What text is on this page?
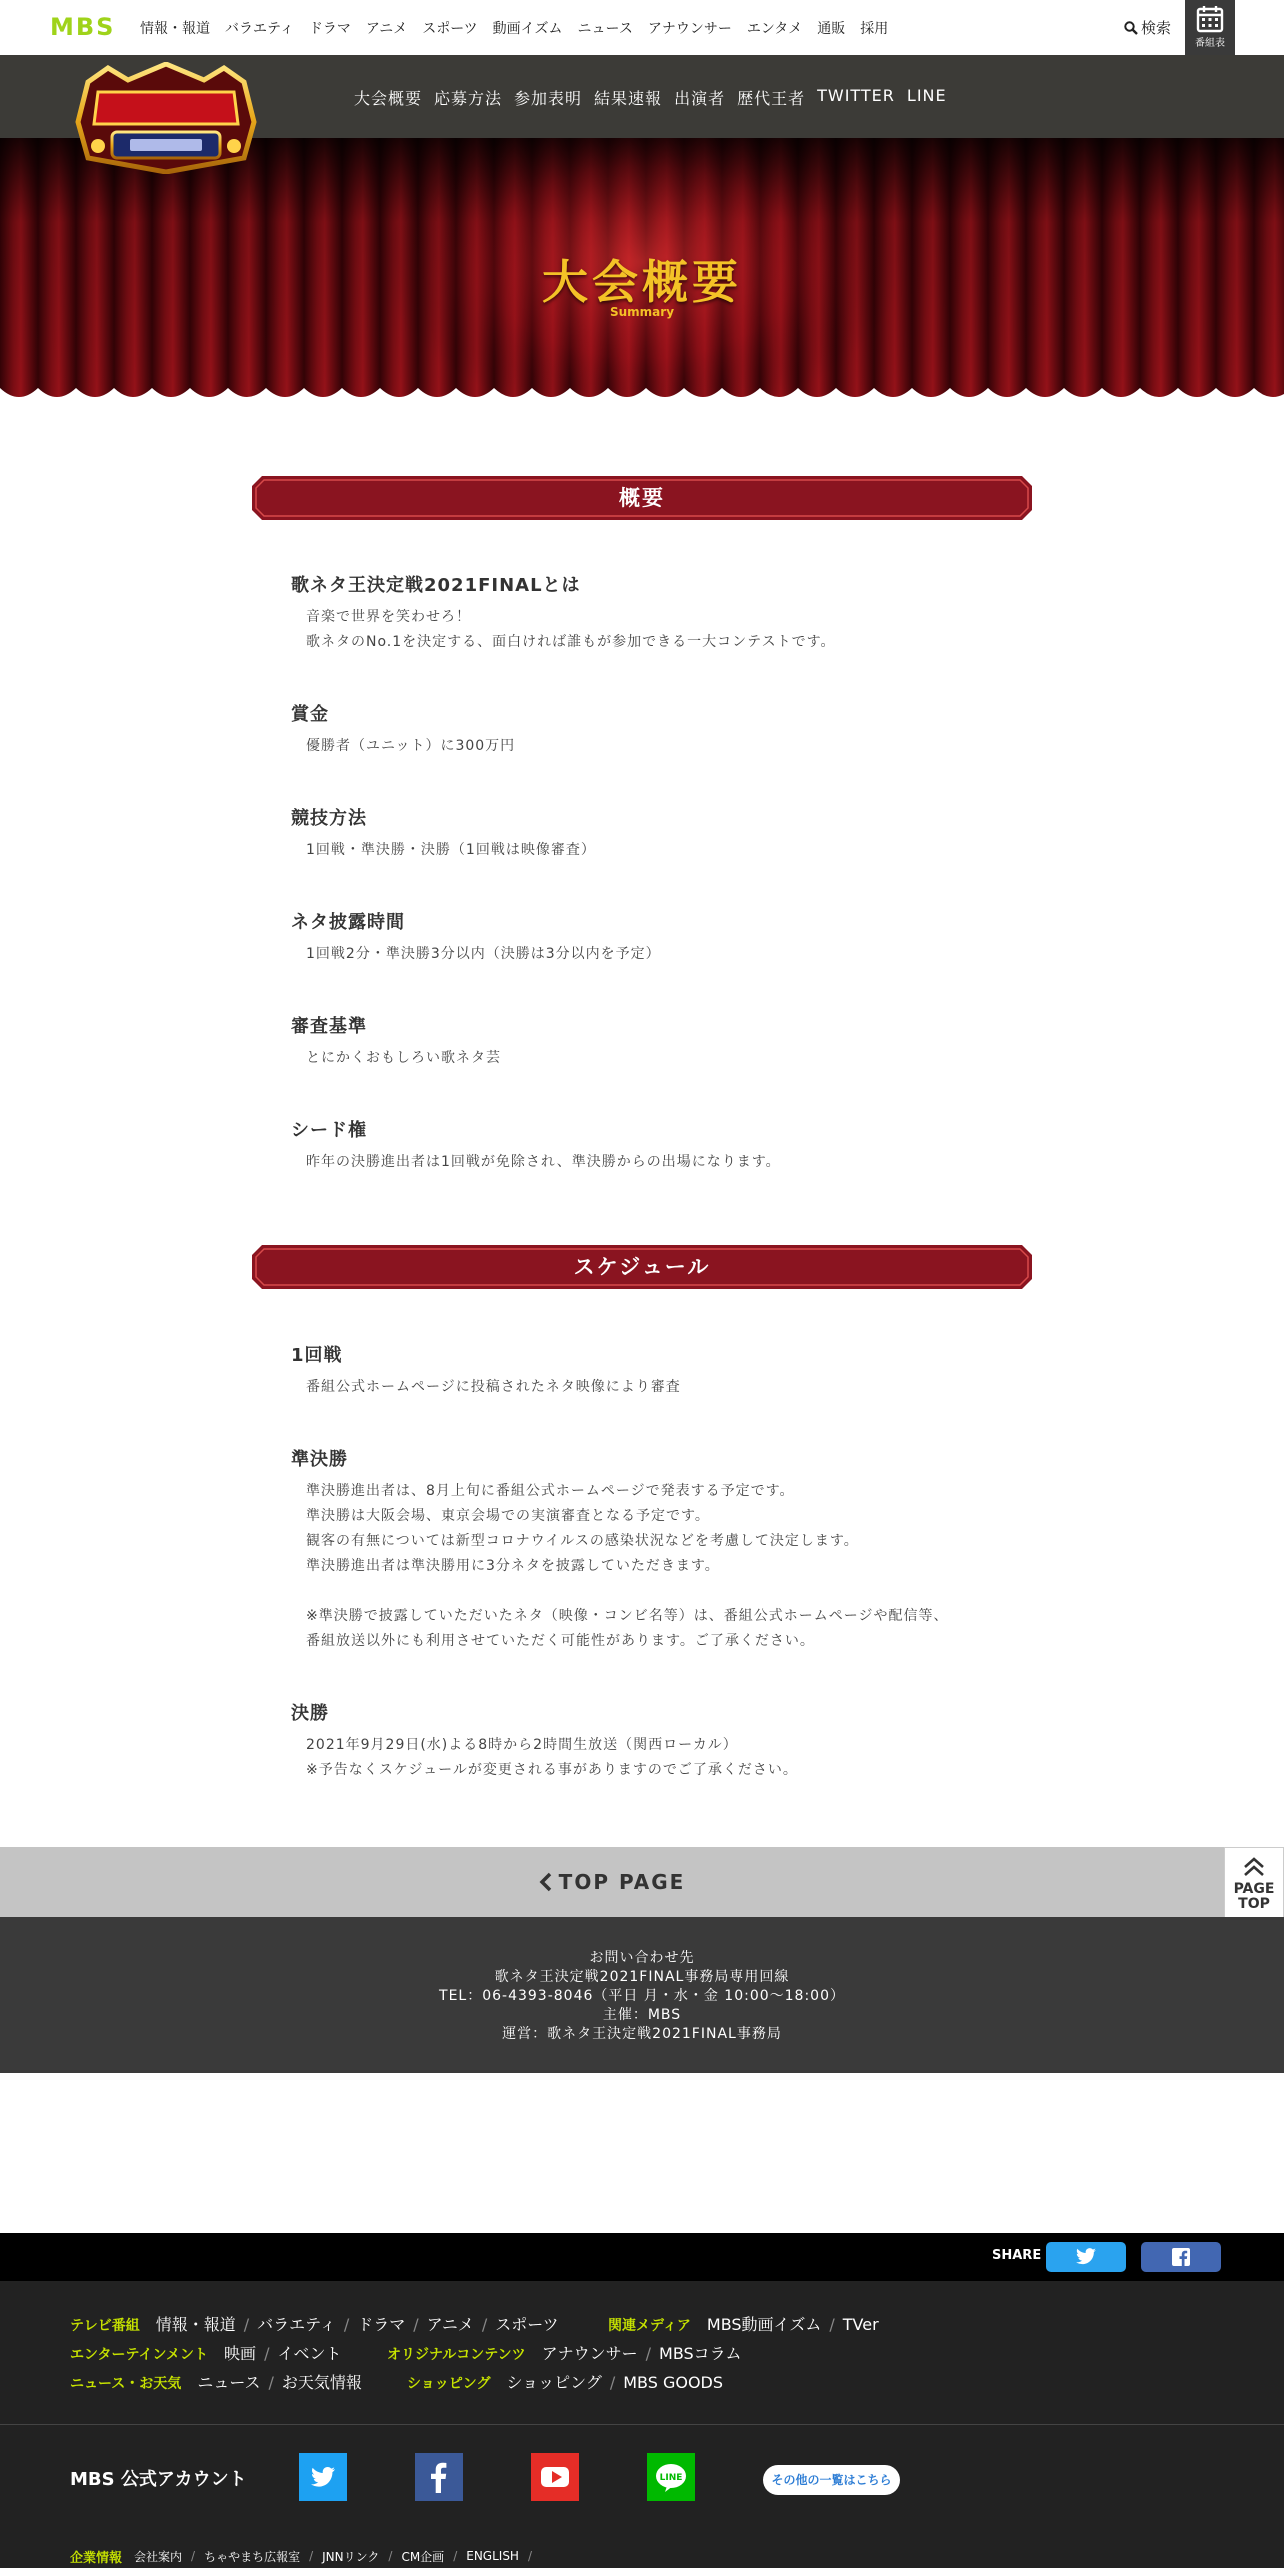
MBS 情報・報道 バラエティ ドラマ アニメ スポーツ 動画イズム ニュース アナウンサー エンタメ 通販 採用	検索
番組表
大会概要
Summary
大会概要 応募方法 参加表明 結果速報 出演者 歴代王者 TWITTER LINE
概要
歌ネタ王決定戦2021FINALとは
音楽で世界を笑わせろ！
歌ネタのNo.1を決定する、面白ければ誰もが参加できる一大コンテストです。
賞金
優勝者（ユニット）に300万円
競技方法
1回戦・準決勝・決勝（1回戦は映像審査）
ネタ披露時間
1回戦2分・準決勝3分以内（決勝は3分以内を予定）
審査基準
とにかくおもしろい歌ネタ芸
シード権
昨年の決勝進出者は1回戦が免除され、準決勝からの出場になります。
スケジュール
1回戦
番組公式ホームページに投稿されたネタ映像により審査
準決勝
準決勝進出者は、8月上旬に番組公式ホームページで発表する予定です。
準決勝は大阪会場、東京会場での実演審査となる予定です。
観客の有無については新型コロナウイルスの感染状況などを考慮して決定します。
準決勝進出者は準決勝用に3分ネタを披露していただきます。
※準決勝で披露していただいたネタ（映像・コンビ名等）は、番組公式ホームページや配信等、
番組放送以外にも利用させていただく可能性があります。ご了承ください。
決勝
2021年9月29日(水)よる8時から2時間生放送（関西ローカル）
※予告なくスケジュールが変更される事がありますのでご了承ください。
TOP PAGE	PAGE
TOP
お問い合わせ先
歌ネタ王決定戦2021FINAL事務局専用回線
TEL：06-4393-8046（平日 月・水・金 10:00〜18:00）
主催：MBS
運営：歌ネタ王決定戦2021FINAL事務局
SHARE
テレビ番組 情報・報道 / バラエティ / ドラマ / アニメ / スポーツ	関連メディア MBS動画イズム / TVer
エンターテインメント 映画 / イベント	オリジナルコンテンツ アナウンサー / MBSコラム
ニュース・お天気 ニュース / お天気情報	ショッピング ショッピング / MBS GOODS
MBS 公式アカウント	LINE	その他の一覧はこちら
企業情報 会社案内 / ちゃやまち広報室 / JNNリンク / CM企画 / ENGLISH /
